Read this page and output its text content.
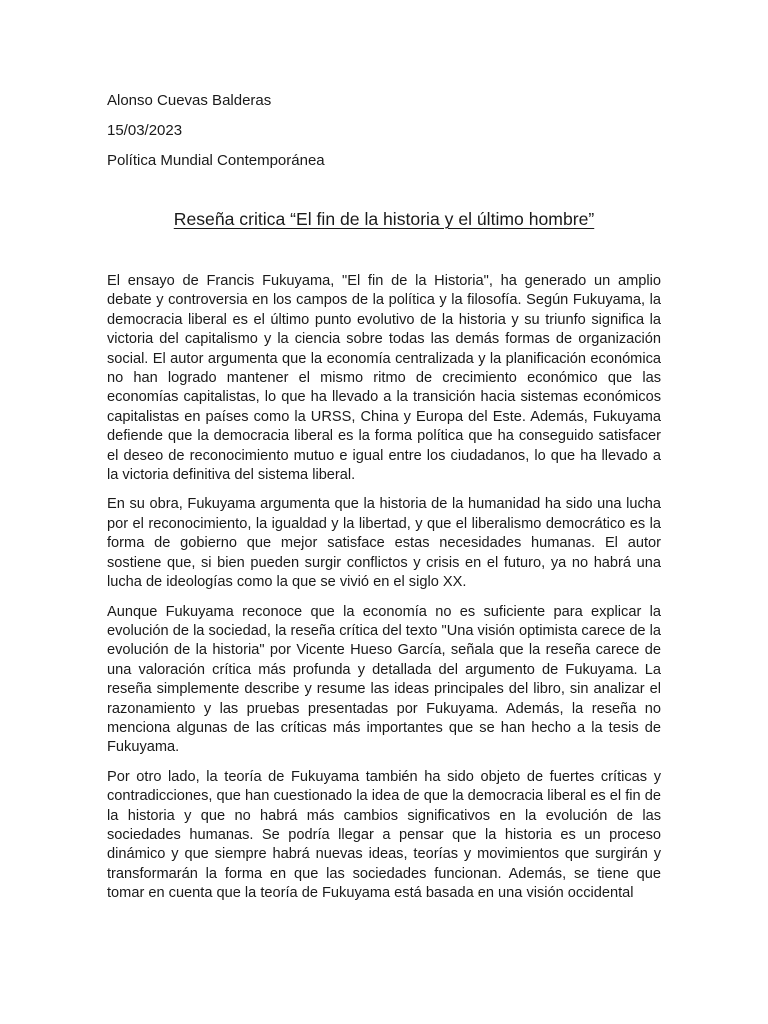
Alonso Cuevas Balderas
15/03/2023
Política Mundial Contemporánea
Reseña critica “El fin de la historia y el último hombre”

El ensayo de Francis Fukuyama, "El fin de la Historia", ha generado un amplio debate y controversia en los campos de la política y la filosofía. Según Fukuyama, la democracia liberal es el último punto evolutivo de la historia y su triunfo significa la victoria del capitalismo y la ciencia sobre todas las demás formas de organización social. El autor argumenta que la economía centralizada y la planificación económica no han logrado mantener el mismo ritmo de crecimiento económico que las economías capitalistas, lo que ha llevado a la transición hacia sistemas económicos capitalistas en países como la URSS, China y Europa del Este. Además, Fukuyama defiende que la democracia liberal es la forma política que ha conseguido satisfacer el deseo de reconocimiento mutuo e igual entre los ciudadanos, lo que ha llevado a la victoria definitiva del sistema liberal.

En su obra, Fukuyama argumenta que la historia de la humanidad ha sido una lucha por el reconocimiento, la igualdad y la libertad, y que el liberalismo democrático es la forma de gobierno que mejor satisface estas necesidades humanas. El autor sostiene que, si bien pueden surgir conflictos y crisis en el futuro, ya no habrá una lucha de ideologías como la que se vivió en el siglo XX.

Aunque Fukuyama reconoce que la economía no es suficiente para explicar la evolución de la sociedad, la reseña crítica del texto "Una visión optimista carece de la evolución de la historia" por Vicente Hueso García, señala que la reseña carece de una valoración crítica más profunda y detallada del argumento de Fukuyama. La reseña simplemente describe y resume las ideas principales del libro, sin analizar el razonamiento y las pruebas presentadas por Fukuyama. Además, la reseña no menciona algunas de las críticas más importantes que se han hecho a la tesis de Fukuyama.

Por otro lado, la teoría de Fukuyama también ha sido objeto de fuertes críticas y contradicciones, que han cuestionado la idea de que la democracia liberal es el fin de la historia y que no habrá más cambios significativos en la evolución de las sociedades humanas. Se podría llegar a pensar que la historia es un proceso dinámico y que siempre habrá nuevas ideas, teorías y movimientos que surgirán y transformarán la forma en que las sociedades funcionan. Además, se tiene que tomar en cuenta que la teoría de Fukuyama está basada en una visión occidental
